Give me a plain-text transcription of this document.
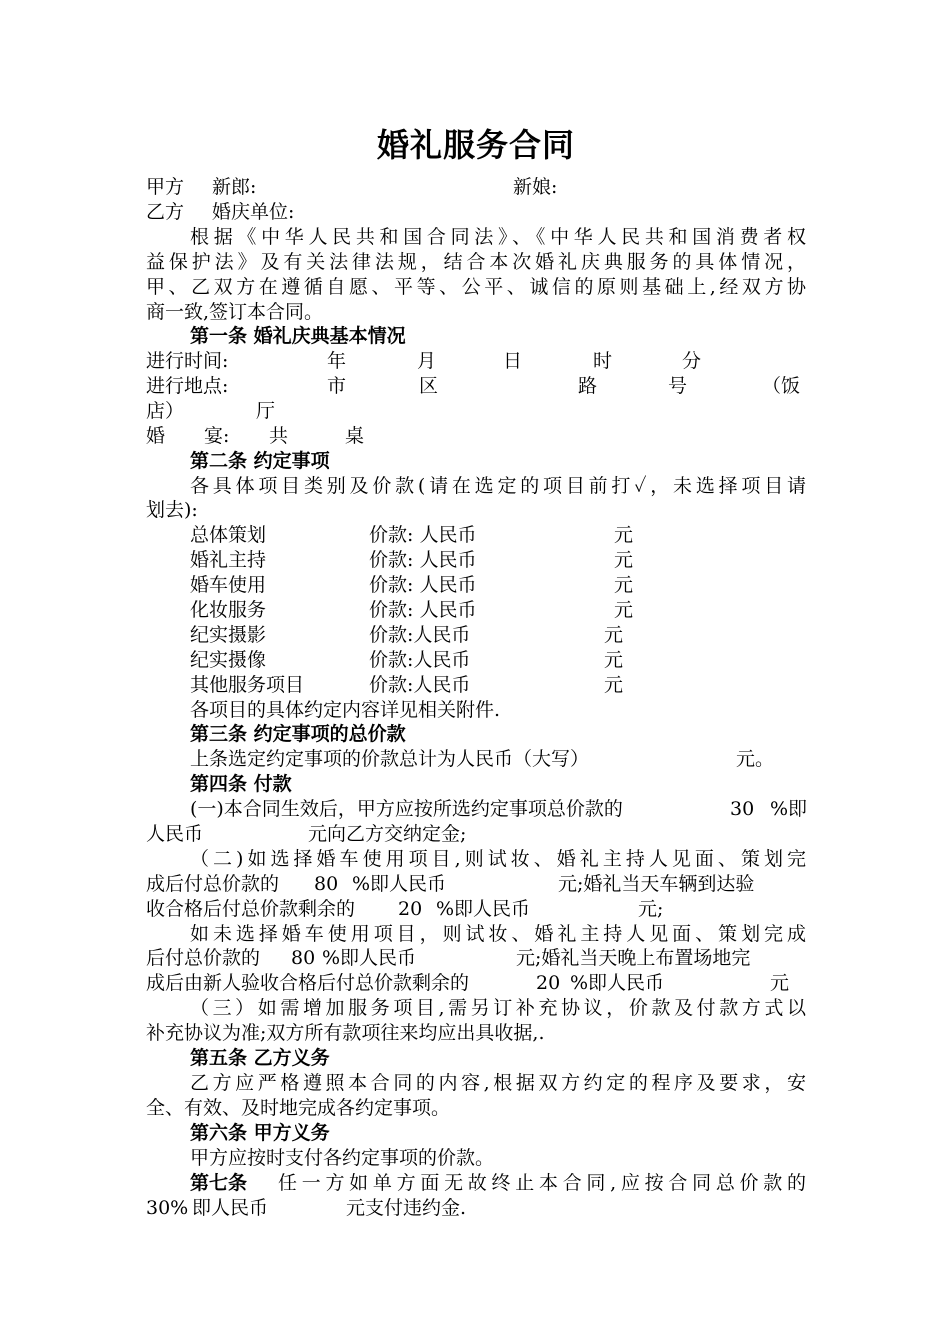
婚礼服务合同
甲方 新郎:	新娘:
乙方 婚庆单位:
根据《中华人民共和国合同法》、《中华人民共和国消费者权
益保护法》及有关法律法规，结合本次婚礼庆典服务的具体情况，
甲、乙双方在遵循自愿、平等、公平、诚信的原则基础上,经双方协
商一致,签订本合同。
第一条 婚礼庆典基本情况
进行时间:	年	月	日	时	分
进行地点:	市	区	路	号	（饭
店）	厅
婚 宴: 共	桌
第二条 约定事项
各具体项目类别及价款(请在选定的项目前打✓，未选择项目请
划去):
总体策划	价款: 人民币	元
婚礼主持	价款: 人民币	元
婚车使用	价款: 人民币	元
化妆服务	价款: 人民币	元
纪实摄影	价款:人民币	元
纪实摄像	价款:人民币	元
其他服务项目	价款:人民币	元
各项目的具体约定内容详见相关附件.
第三条 约定事项的总价款
上条选定约定事项的价款总计为人民币（大写）	元。
第四条 付款
(一)本合同生效后，甲方应按所选约定事项总价款的	30 %即
人民币	元向乙方交纳定金;
（二)如选择婚车使用项目,则试妆、婚礼主持人见面、策划完
成后付总价款的 80 %即人民币	元;婚礼当天车辆到达验
收合格后付总价款剩余的 20 %即人民币	元;
如未选择婚车使用项目，则试妆、婚礼主持人见面、策划完成
后付总价款的 80 %即人民币	元;婚礼当天晚上布置场地完
成后由新人验收合格后付总价款剩余的	20 %即人民币	元
（三）如需增加服务项目,需另订补充协议，价款及付款方式以
补充协议为准;双方所有款项往来均应出具收据,.
第五条 乙方义务
乙方应严格遵照本合同的内容,根据双方约定的程序及要求，安
全、有效、及时地完成各约定事项。
第六条 甲方义务
甲方应按时支付各约定事项的价款。
第七条 任一方如单方面无故终止本合同,应按合同总价款的
30% 即人民币	元支付违约金.
